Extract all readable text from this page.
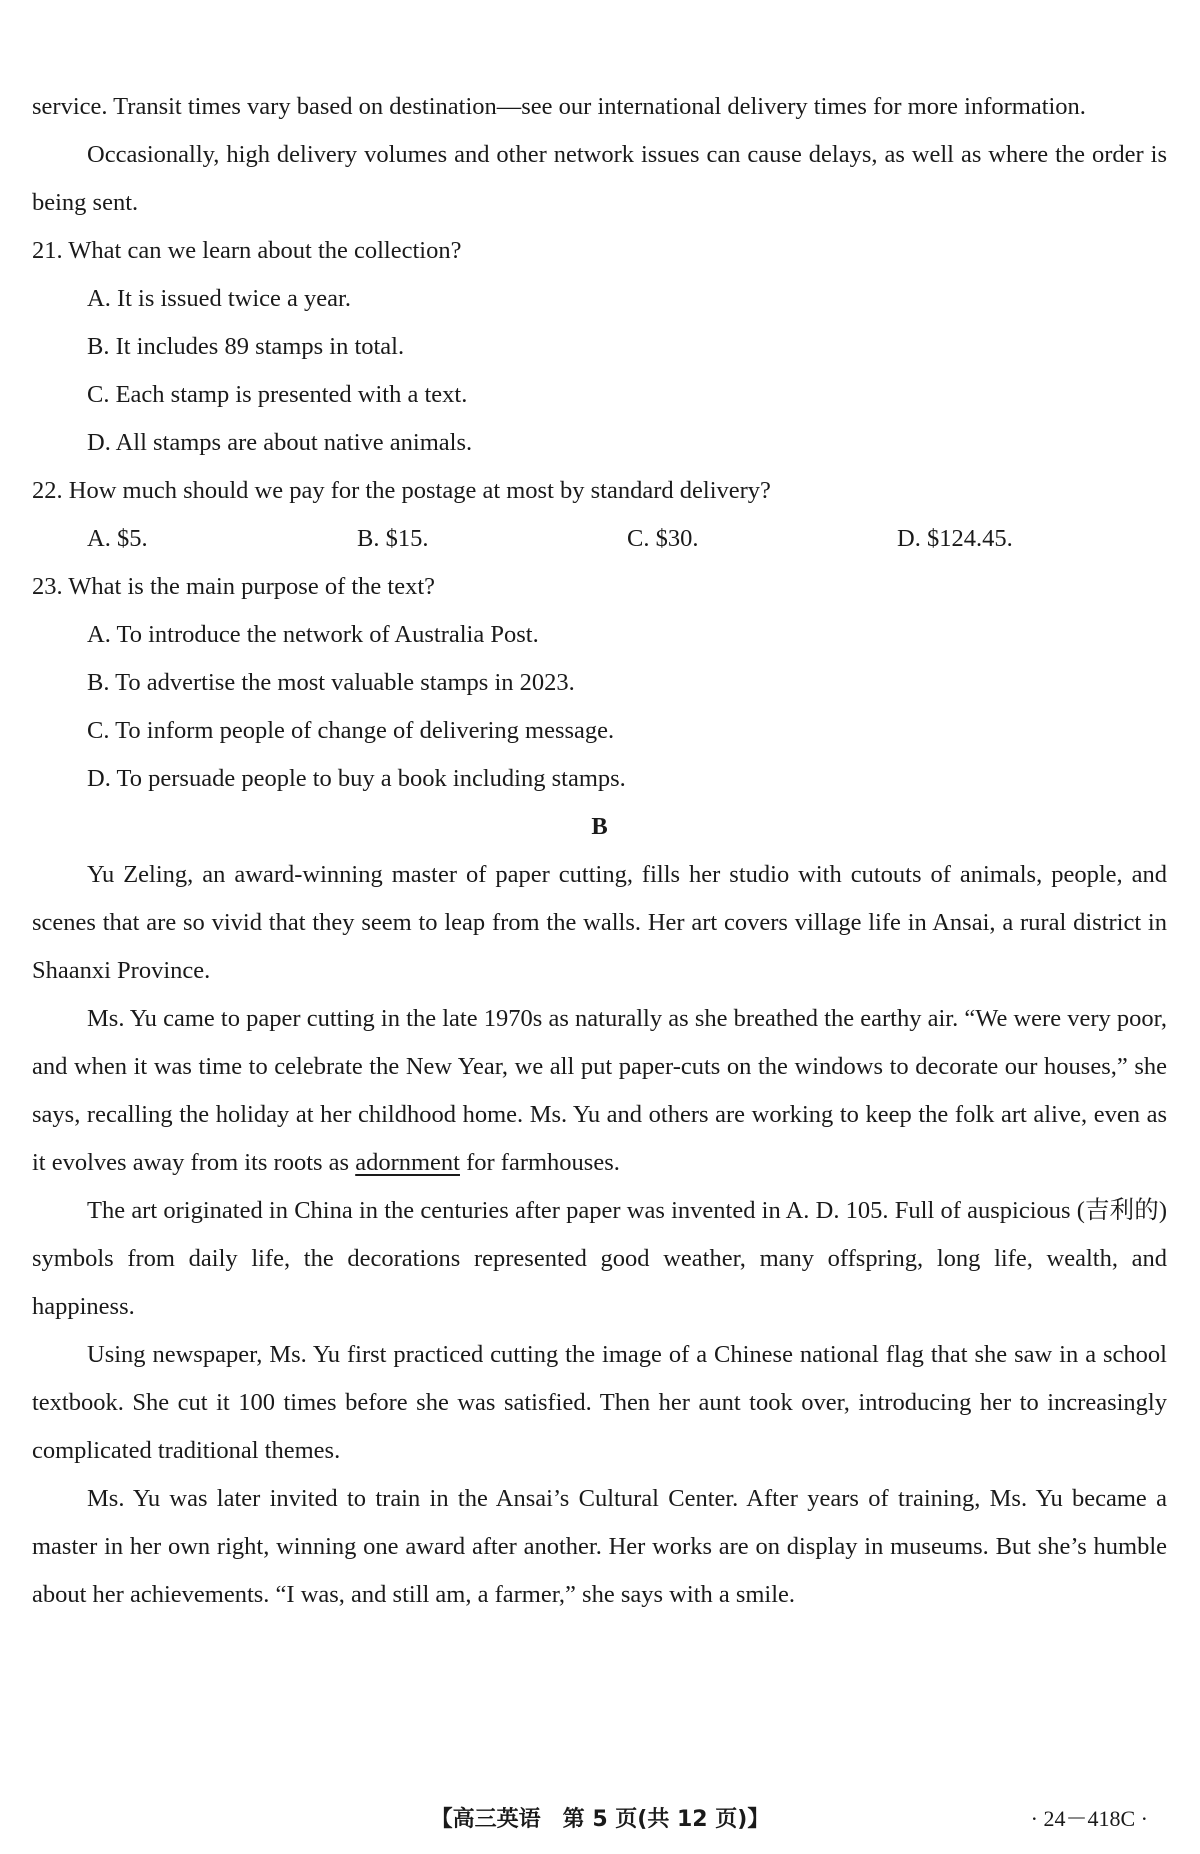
service. Transit times vary based on destination—see our international delivery times for more information.
Occasionally, high delivery volumes and other network issues can cause delays, as well as where the order is being sent.
21. What can we learn about the collection?
A. It is issued twice a year.
B. It includes 89 stamps in total.
C. Each stamp is presented with a text.
D. All stamps are about native animals.
22. How much should we pay for the postage at most by standard delivery?
A. $5.	B. $15.	C. $30.	D. $124.45.
23. What is the main purpose of the text?
A. To introduce the network of Australia Post.
B. To advertise the most valuable stamps in 2023.
C. To inform people of change of delivering message.
D. To persuade people to buy a book including stamps.
B
Yu Zeling, an award-winning master of paper cutting, fills her studio with cutouts of animals, people, and scenes that are so vivid that they seem to leap from the walls. Her art covers village life in Ansai, a rural district in Shaanxi Province.
Ms. Yu came to paper cutting in the late 1970s as naturally as she breathed the earthy air. “We were very poor, and when it was time to celebrate the New Year, we all put paper-cuts on the windows to decorate our houses,” she says, recalling the holiday at her childhood home. Ms. Yu and others are working to keep the folk art alive, even as it evolves away from its roots as adornment for farmhouses.
The art originated in China in the centuries after paper was invented in A. D. 105. Full of auspicious (吉利的) symbols from daily life, the decorations represented good weather, many offspring, long life, wealth, and happiness.
Using newspaper, Ms. Yu first practiced cutting the image of a Chinese national flag that she saw in a school textbook. She cut it 100 times before she was satisfied. Then her aunt took over, introducing her to increasingly complicated traditional themes.
Ms. Yu was later invited to train in the Ansai’s Cultural Center. After years of training, Ms. Yu became a master in her own right, winning one award after another. Her works are on display in museums. But she’s humble about her achievements. “I was, and still am, a farmer,” she says with a smile.
【高三英语　第 5 页(共 12 页)】	· 24－418C ·
